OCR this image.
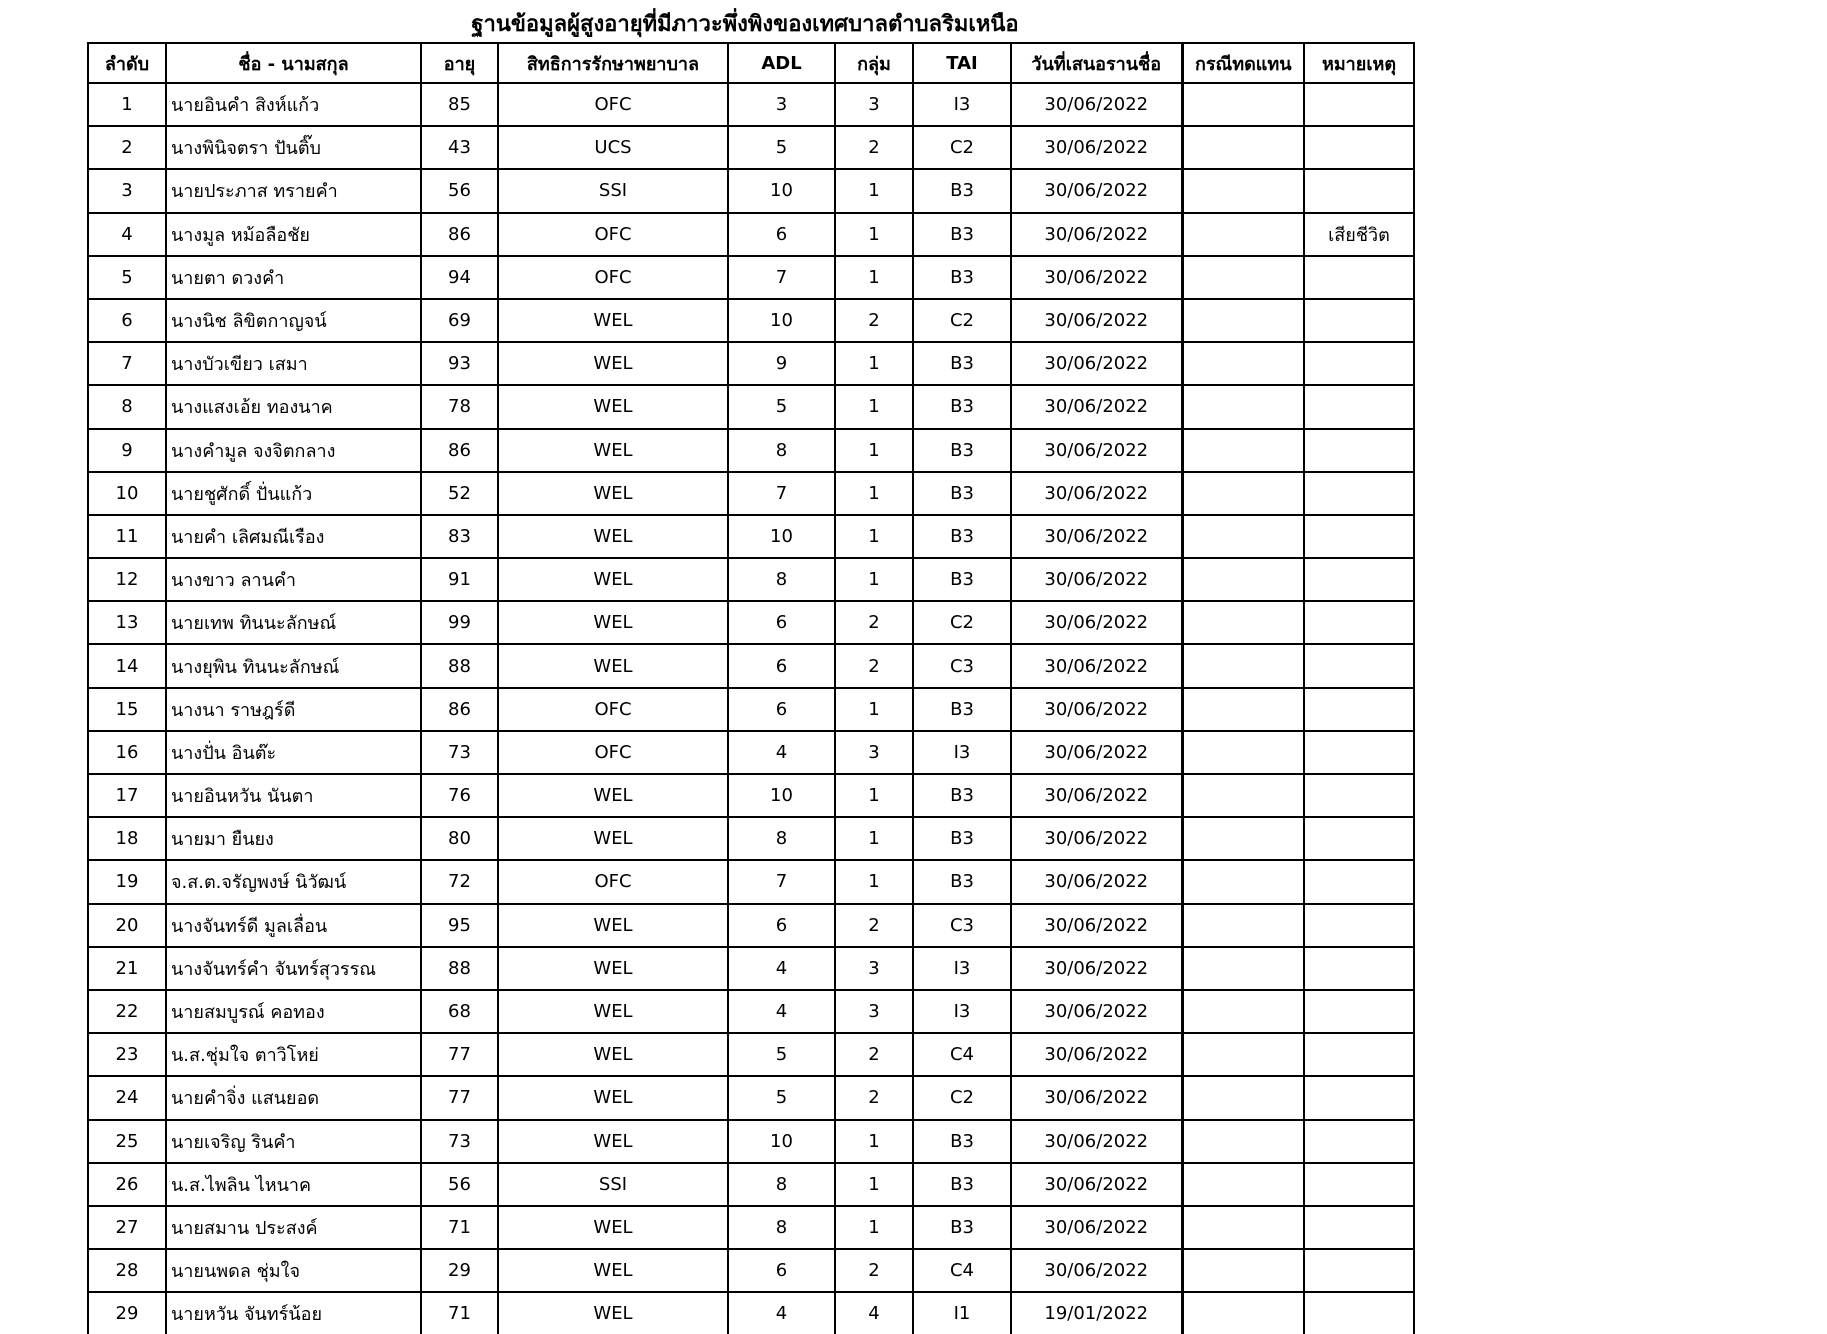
ฐานข้อมูลผู้สูงอายุที่มีภาวะพึ่งพิงของเทศบาลตำบลริมเหนือ
ลำดับ	ชื่อ - นามสกุล	อายุ	สิทธิการรักษาพยาบาล	ADL	กลุ่ม	TAI	วันที่เสนอรานชื่อ	กรณีทดแทน	หมายเหตุ
1	นายอินคำ สิงห์แก้ว	85	OFC	3	3	I3	30/06/2022		
2	นางพินิจตรา ปันติ๊บ	43	UCS	5	2	C2	30/06/2022		
3	นายประภาส ทรายคำ	56	SSI	10	1	B3	30/06/2022		
4	นางมูล หม้อลือชัย	86	OFC	6	1	B3	30/06/2022		เสียชีวิต
5	นายตา ดวงคำ	94	OFC	7	1	B3	30/06/2022		
6	นางนิช ลิขิตกาญจน์	69	WEL	10	2	C2	30/06/2022		
7	นางบัวเขียว เสมา	93	WEL	9	1	B3	30/06/2022		
8	นางแสงเอ้ย ทองนาค	78	WEL	5	1	B3	30/06/2022		
9	นางคำมูล จงจิตกลาง	86	WEL	8	1	B3	30/06/2022		
10	นายชูศักดิ์ ปั่นแก้ว	52	WEL	7	1	B3	30/06/2022		
11	นายคำ เลิศมณีเรือง	83	WEL	10	1	B3	30/06/2022		
12	นางขาว ลานคำ	91	WEL	8	1	B3	30/06/2022		
13	นายเทพ ทินนะลักษณ์	99	WEL	6	2	C2	30/06/2022		
14	นางยุพิน ทินนะลักษณ์	88	WEL	6	2	C3	30/06/2022		
15	นางนา ราษฎร์ดี	86	OFC	6	1	B3	30/06/2022		
16	นางปั่น อินต๊ะ	73	OFC	4	3	I3	30/06/2022		
17	นายอินหวัน นันตา	76	WEL	10	1	B3	30/06/2022		
18	นายมา ยืนยง	80	WEL	8	1	B3	30/06/2022		
19	จ.ส.ต.จรัญพงษ์ นิวัฒน์	72	OFC	7	1	B3	30/06/2022		
20	นางจันทร์ดี มูลเลื่อน	95	WEL	6	2	C3	30/06/2022		
21	นางจันทร์คำ จันทร์สุวรรณ	88	WEL	4	3	I3	30/06/2022		
22	นายสมบูรณ์ คอทอง	68	WEL	4	3	I3	30/06/2022		
23	น.ส.ชุ่มใจ ตาวิโหย่	77	WEL	5	2	C4	30/06/2022		
24	นายคำจิ่ง แสนยอด	77	WEL	5	2	C2	30/06/2022		
25	นายเจริญ รินคำ	73	WEL	10	1	B3	30/06/2022		
26	น.ส.ไพลิน ไหนาค	56	SSI	8	1	B3	30/06/2022		
27	นายสมาน ประสงค์	71	WEL	8	1	B3	30/06/2022		
28	นายนพดล ชุ่มใจ	29	WEL	6	2	C4	30/06/2022		
29	นายหวัน จันทร์น้อย	71	WEL	4	4	I1	19/01/2022		
